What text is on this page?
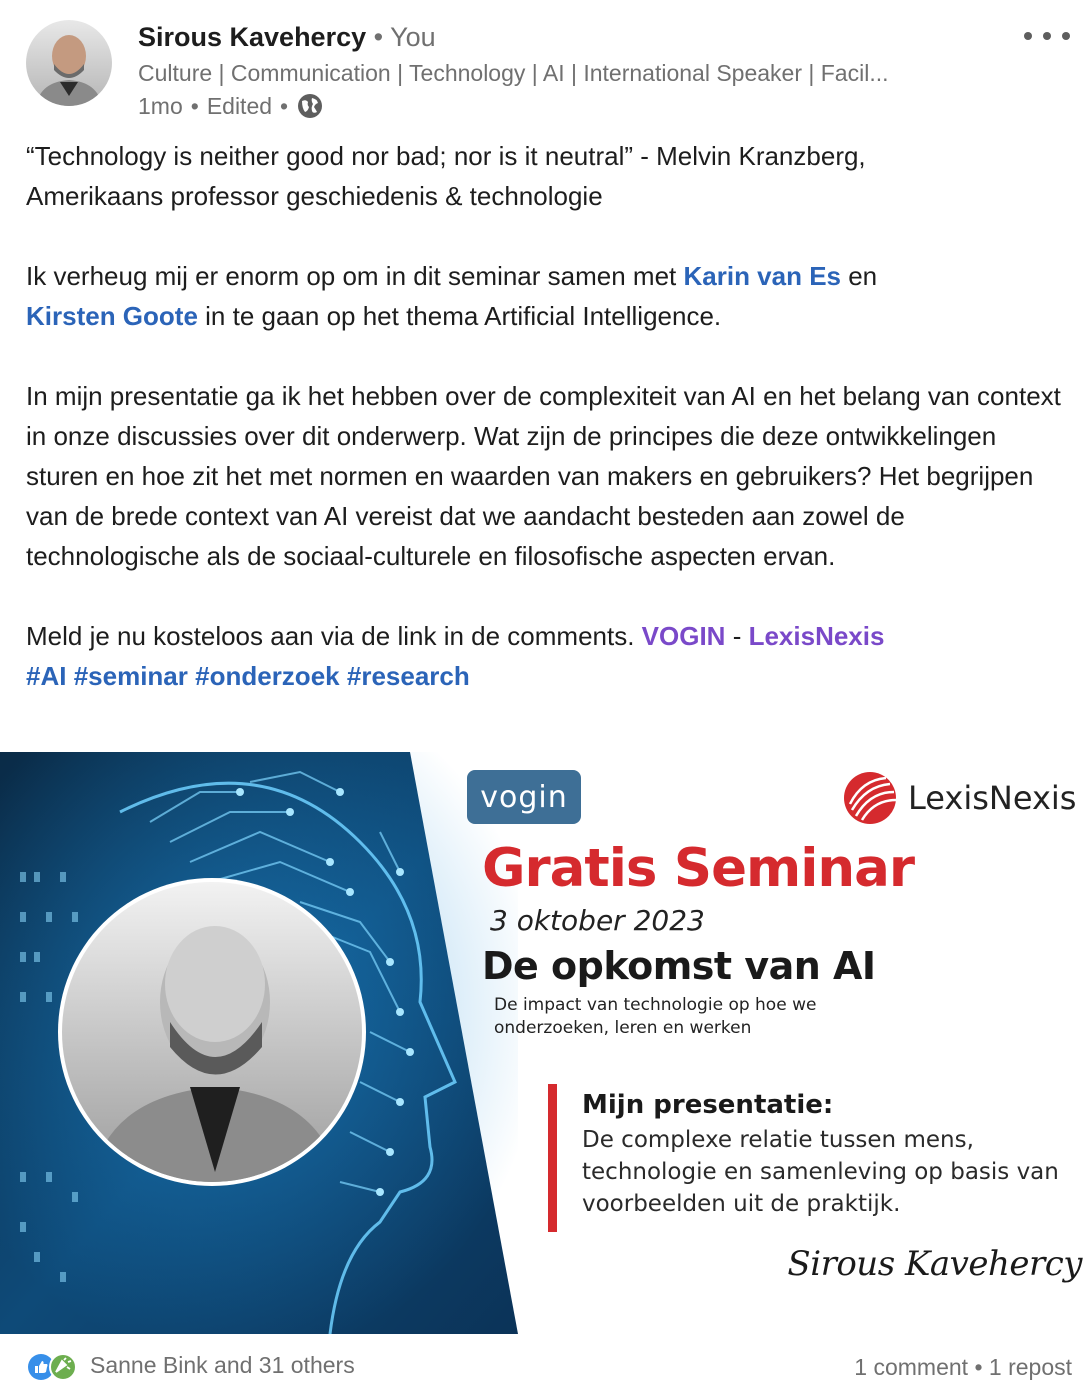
Sirous Kavehercy • You
Culture | Communication | Technology | AI | International Speaker | Facil...
1mo • Edited •

“Technology is neither good nor bad; nor is it neutral” - Melvin Kranzberg,
Amerikaans professor geschiedenis & technologie

Ik verheug mij er enorm op om in dit seminar samen met Karin van Es en
Kirsten Goote in te gaan op het thema Artificial Intelligence.

In mijn presentatie ga ik het hebben over de complexiteit van AI en het belang van context in onze discussies over dit onderwerp. Wat zijn de principes die deze ontwikkelingen sturen en hoe zit het met normen en waarden van makers en gebruikers? Het begrijpen van de brede context van AI vereist dat we aandacht besteden aan zowel de technologische als de sociaal-culturele en filosofische aspecten ervan.

Meld je nu kosteloos aan via de link in de comments. VOGIN - LexisNexis
#AI #seminar #onderzoek #research

vogin	LexisNexis
Gratis Seminar
3 oktober 2023
De opkomst van AI
De impact van technologie op hoe we onderzoeken, leren en werken
Mijn presentatie:
De complexe relatie tussen mens, technologie en samenleving op basis van voorbeelden uit de praktijk.
Sirous Kavehercy
Sanne Bink and 31 others	1 comment • 1 repost
